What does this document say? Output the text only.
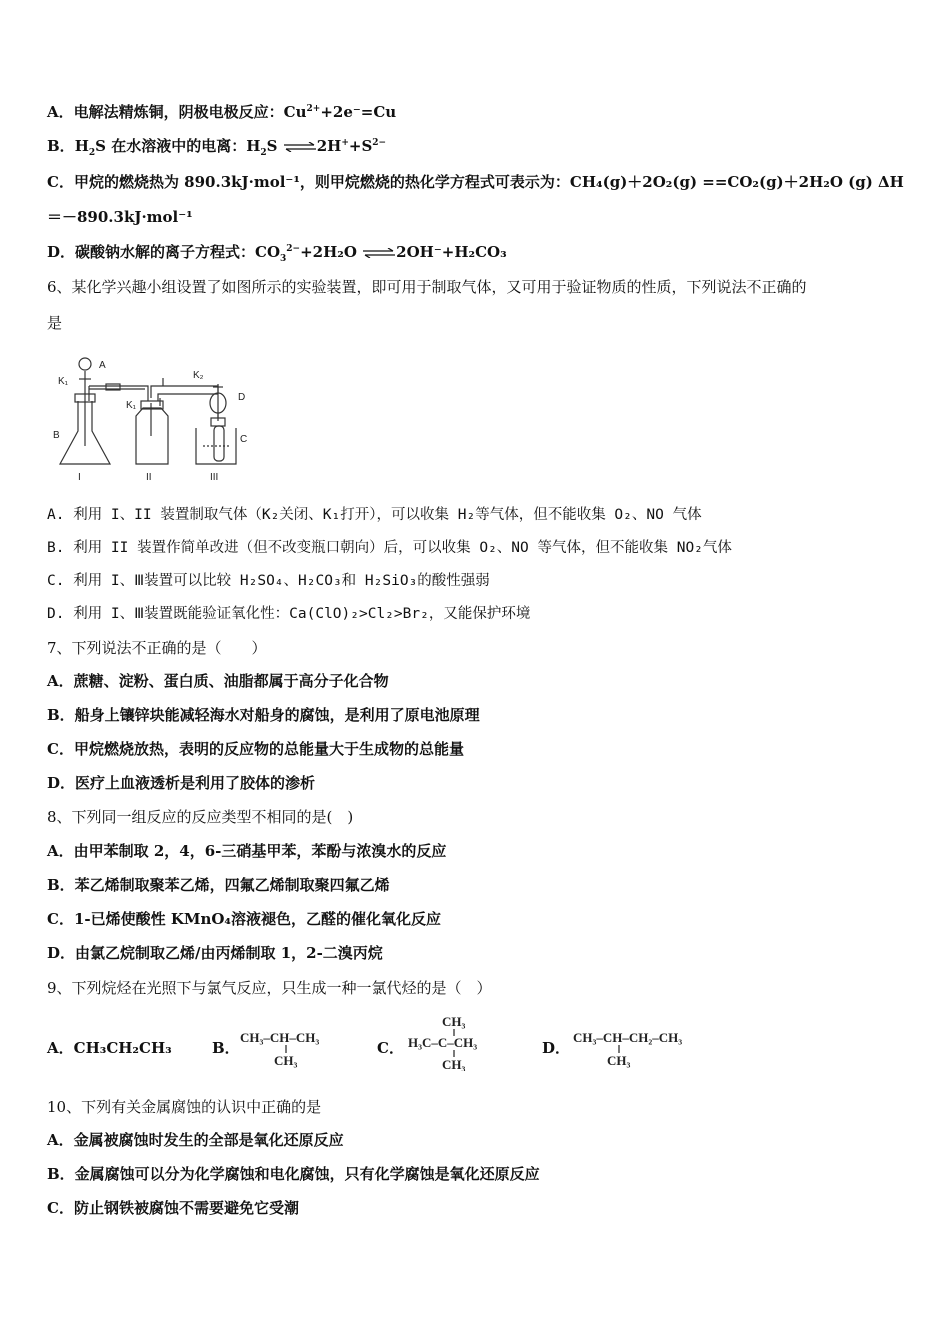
A．电解法精炼铜，阴极电极反应：$Cu^{2+}+2e^-=Cu$
B．$H_2S$ 在水溶液中的电离：$H_2S$ $\rightleftharpoons 2H^++S^{2-}$
C．甲烷的燃烧热为 890.3kJ·mol⁻¹，则甲烷燃烧的热化学方程式可表示为：CH₄(g)＋2O₂(g) ==CO₂(g)＋2H₂O (g) ΔH
＝－890.3kJ·mol⁻¹
D．碳酸钠水解的离子方程式：$CO_3^{2-}+2H_2O$ ⇌2OH⁻+H₂CO₃
6、某化学兴趣小组设置了如图所示的实验装置，即可用于制取气体，又可用于验证物质的性质，下列说法不正确的
是
A
B	C
D
K₁
K₁
K₂
I	II	III
A. 利用 I、II 装置制取气体（K₂关闭、K₁打开），可以收集 H₂等气体，但不能收集 O₂、NO 气体
B. 利用 II 装置作简单改进（但不改变瓶口朝向）后，可以收集 O₂、NO 等气体，但不能收集 NO₂气体
C. 利用 I、Ⅲ装置可以比较 H₂SO₄、H₂CO₃和 H₂SiO₃的酸性强弱
D. 利用 I、Ⅲ装置既能验证氧化性：Ca(ClO)₂>Cl₂>Br₂，又能保护环境
7、下列说法不正确的是（　　）
A．蔗糖、淀粉、蛋白质、油脂都属于高分子化合物
B．船身上镶锌块能减轻海水对船身的腐蚀，是利用了原电池原理
C．甲烷燃烧放热，表明的反应物的总能量大于生成物的总能量
D．医疗上血液透析是利用了胶体的渗析
8、下列同一组反应的反应类型不相同的是(　)
A．由甲苯制取 2，4，6-三硝基甲苯，苯酚与浓溴水的反应
B．苯乙烯制取聚苯乙烯，四氟乙烯制取聚四氟乙烯
C．1-已烯使酸性 KMnO₄溶液褪色，乙醛的催化氧化反应
D．由氯乙烷制取乙烯/由丙烯制取 1，2-二溴丙烷
9、下列烷烃在光照下与氯气反应，只生成一种一氯代烃的是（　）
A．CH₃CH₂CH₃	B．
CH₃–CH–CH₃
CH₃
C．
CH₃
H₃C–C–CH₃
CH₃
D．
CH₃–CH–CH₂–CH₃
CH₃
10、下列有关金属腐蚀的认识中正确的是
A．金属被腐蚀时发生的全部是氧化还原反应
B．金属腐蚀可以分为化学腐蚀和电化腐蚀，只有化学腐蚀是氧化还原反应
C．防止钢铁被腐蚀不需要避免它受潮
